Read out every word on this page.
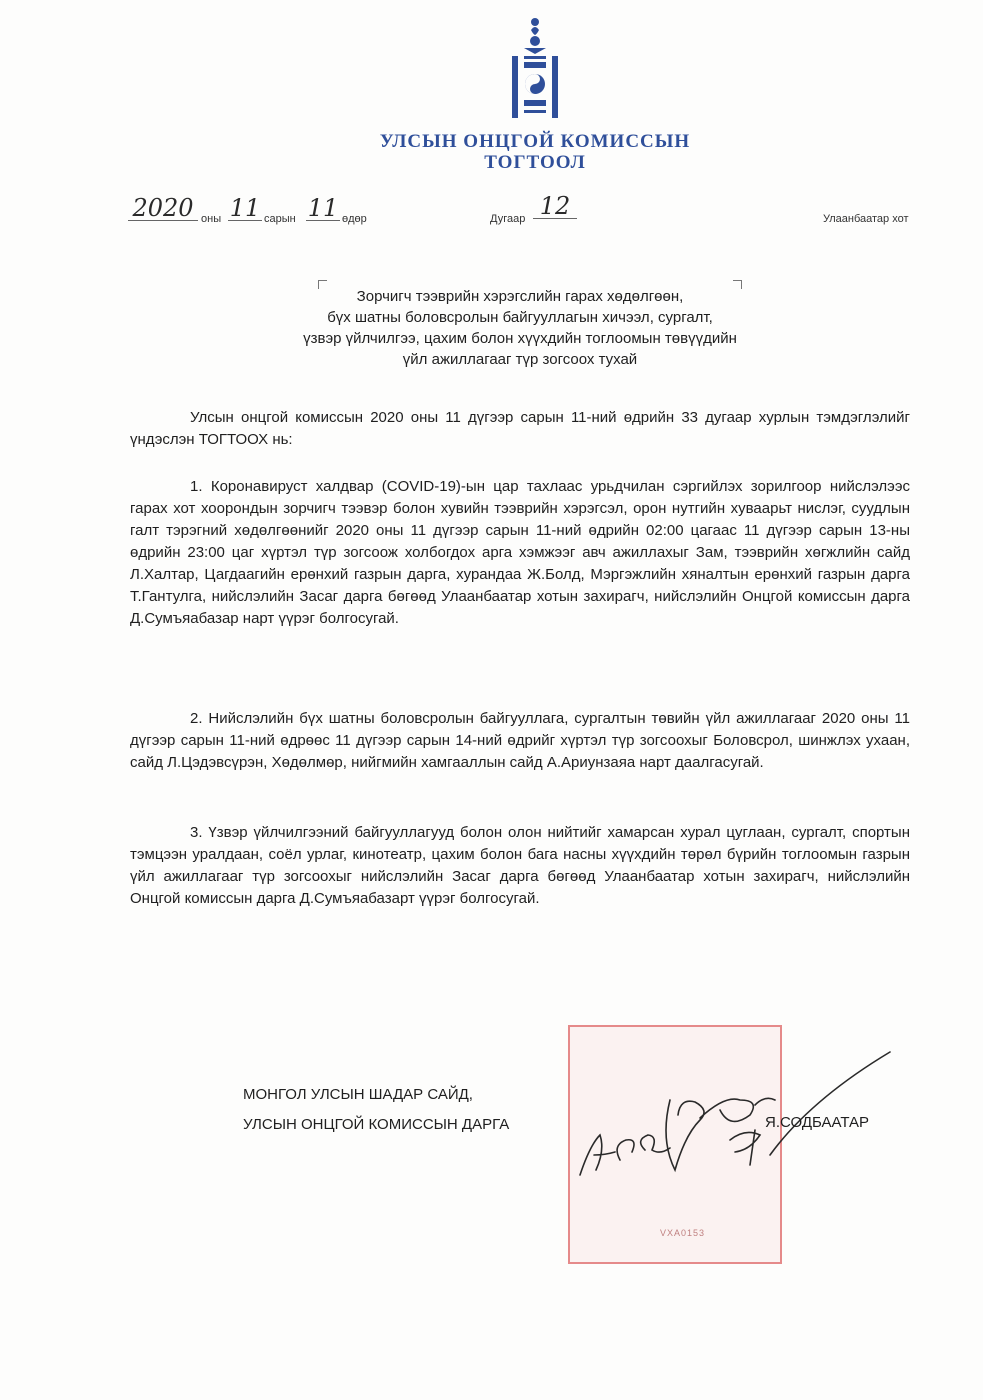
УЛСЫН ОНЦГОЙ КОМИССЫН
ТОГТООЛ
2020 оны 11 сарын 11 өдөр	Дугаар 12	Улаанбаатар хот
Зорчигч тээврийн хэрэгслийн гарах хөдөлгөөн,
бүх шатны боловсролын байгууллагын хичээл, сургалт,
үзвэр үйлчилгээ, цахим болон хүүхдийн тоглоомын төвүүдийн
үйл ажиллагааг түр зогсоох тухай
Улсын онцгой комиссын 2020 оны 11 дүгээр сарын 11-ний өдрийн 33 дугаар хурлын тэмдэглэлийг үндэслэн ТОГТООХ нь:
1. Коронавируст халдвар (COVID-19)-ын цар тахлаас урьдчилан сэргийлэх зорилгоор нийслэлээс гарах хот хоорондын зорчигч тээвэр болон хувийн тээврийн хэрэгсэл, орон нутгийн хуваарьт нислэг, суудлын галт тэрэгний хөдөлгөөнийг 2020 оны 11 дүгээр сарын 11-ний өдрийн 02:00 цагаас 11 дүгээр сарын 13-ны өдрийн 23:00 цаг хүртэл түр зогсоож холбогдох арга хэмжээг авч ажиллахыг Зам, тээврийн хөгжлийн сайд Л.Халтар, Цагдаагийн ерөнхий газрын дарга, хурандаа Ж.Болд, Мэргэжлийн хяналтын ерөнхий газрын дарга Т.Гантулга, нийслэлийн Засаг дарга бөгөөд Улаанбаатар хотын захирагч, нийслэлийн Онцгой комиссын дарга Д.Сумъяабазар нарт үүрэг болгосугай.
2. Нийслэлийн бүх шатны боловсролын байгууллага, сургалтын төвийн үйл ажиллагааг 2020 оны 11 дүгээр сарын 11-ний өдрөөс 11 дүгээр сарын 14-ний өдрийг хүртэл түр зогсоохыг Боловсрол, шинжлэх ухаан, сайд Л.Цэдэвсүрэн, Хөдөлмөр, нийгмийн хамгааллын сайд А.Ариунзаяа нарт даалгасугай.
3. Үзвэр үйлчилгээний байгууллагууд болон олон нийтийг хамарсан хурал цуглаан, сургалт, спортын тэмцээн уралдаан, соёл урлаг, кинотеатр, цахим болон бага насны хүүхдийн төрөл бүрийн тоглоомын газрын үйл ажиллагааг түр зогсоохыг нийслэлийн Засаг дарга бөгөөд Улаанбаатар хотын захирагч, нийслэлийн Онцгой комиссын дарга Д.Сумъяабазарт үүрэг болгосугай.
VXA0153
МОНГОЛ УЛСЫН ШАДАР САЙД,
УЛСЫН ОНЦГОЙ КОМИССЫН ДАРГА	Я.СОДБААТАР
